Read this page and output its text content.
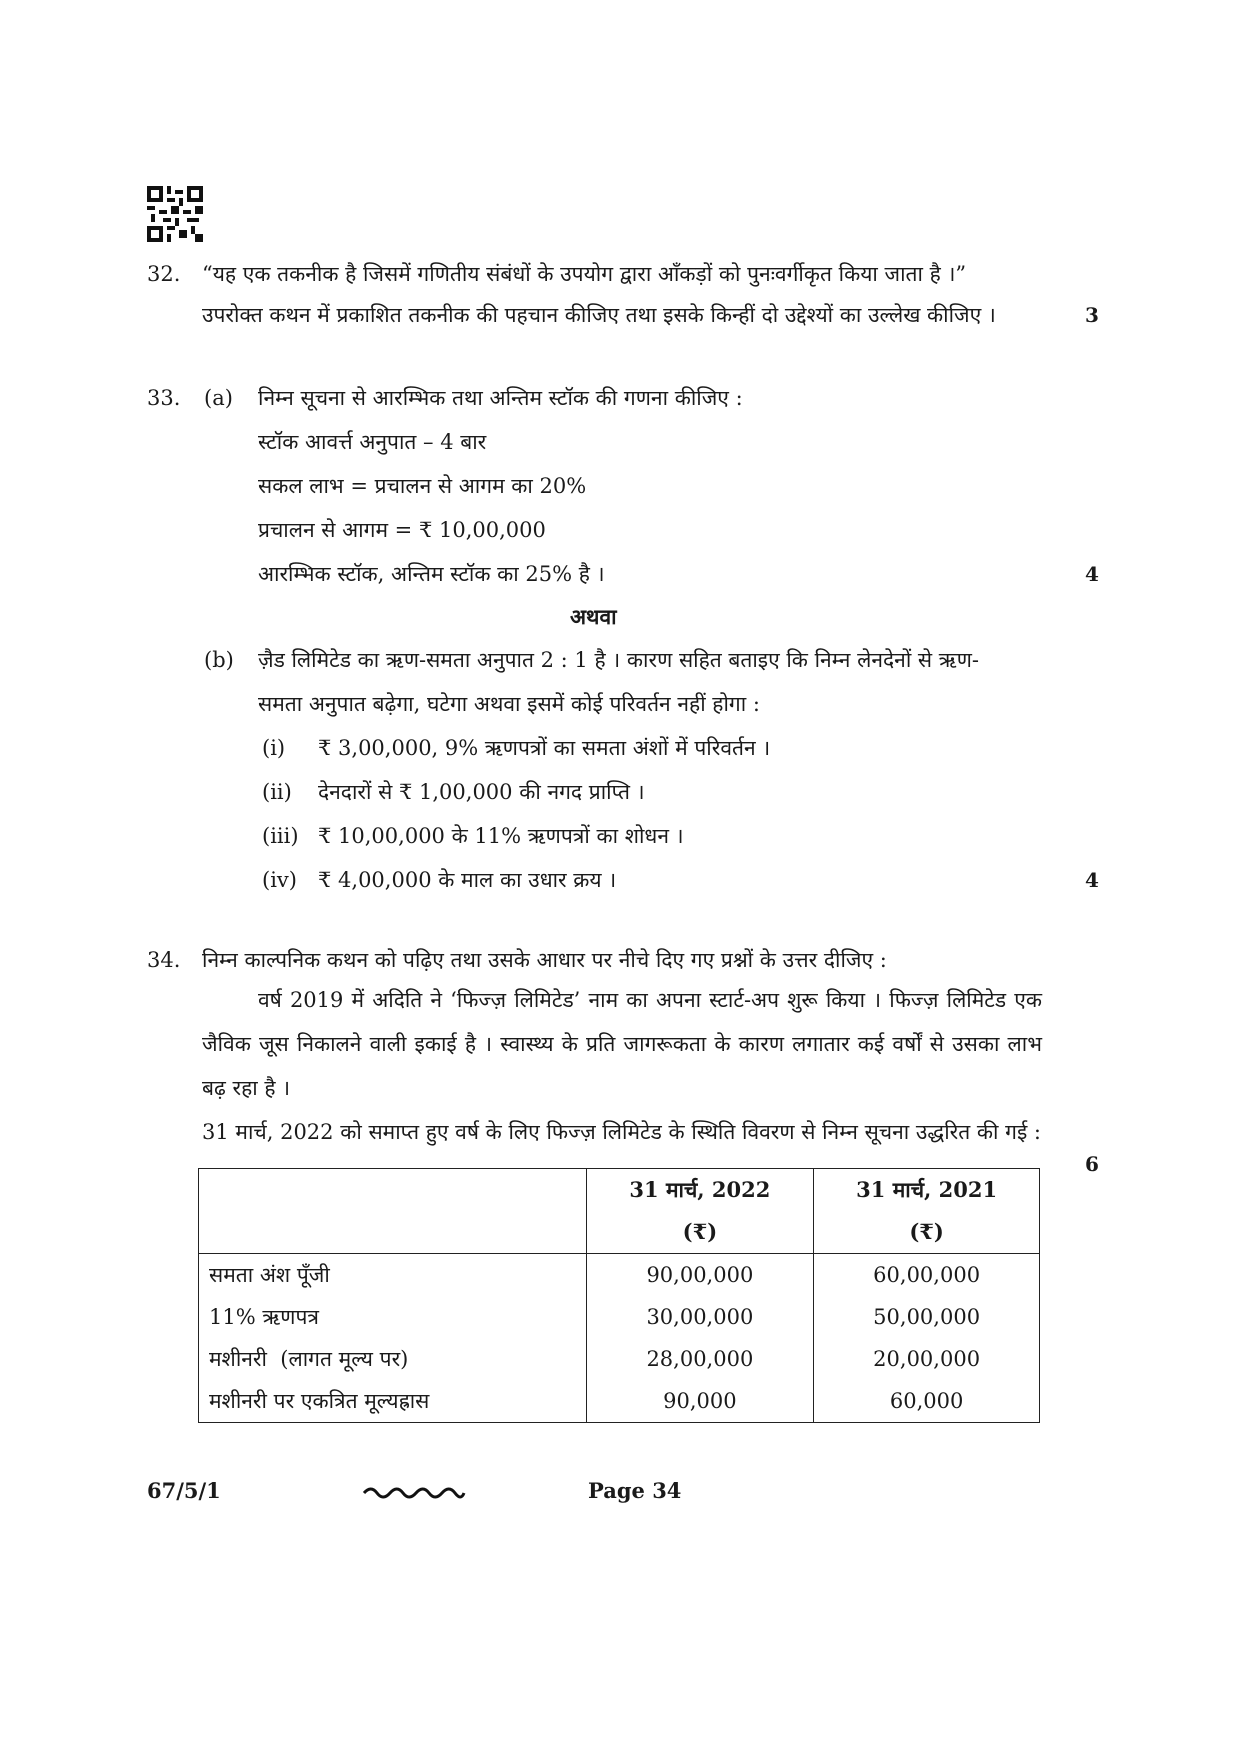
32. “यह एक तकनीक है जिसमें गणितीय संबंधों के उपयोग द्वारा आँकड़ों को पुनःवर्गीकृत किया जाता है ।”
उपरोक्त कथन में प्रकाशित तकनीक की पहचान कीजिए तथा इसके किन्हीं दो उद्देश्यों का उल्लेख कीजिए ।	3
33. (a) निम्न सूचना से आरम्भिक तथा अन्तिम स्टॉक की गणना कीजिए :
स्टॉक आवर्त्त अनुपात – 4 बार
सकल लाभ = प्रचालन से आगम का 20%
प्रचालन से आगम = ₹ 10,00,000
आरम्भिक स्टॉक, अन्तिम स्टॉक का 25% है ।	4
अथवा
(b) ज़ैड लिमिटेड का ऋण-समता अनुपात 2 : 1 है । कारण सहित बताइए कि निम्न लेनदेनों से ऋण-
समता अनुपात बढ़ेगा, घटेगा अथवा इसमें कोई परिवर्तन नहीं होगा :
(i) ₹ 3,00,000, 9% ऋणपत्रों का समता अंशों में परिवर्तन ।
(ii) देनदारों से ₹ 1,00,000 की नगद प्राप्ति ।
(iii) ₹ 10,00,000 के 11% ऋणपत्रों का शोधन ।
(iv) ₹ 4,00,000 के माल का उधार क्रय ।	4
34. निम्न काल्पनिक कथन को पढ़िए तथा उसके आधार पर नीचे दिए गए प्रश्नों के उत्तर दीजिए :
वर्ष 2019 में अदिति ने ‘फिज्ज़ लिमिटेड’ नाम का अपना स्टार्ट-अप शुरू किया । फिज्ज़ लिमिटेड एक जैविक जूस निकालने वाली इकाई है । स्वास्थ्य के प्रति जागरूकता के कारण लगातार कई वर्षों से उसका लाभ बढ़ रहा है ।
31 मार्च, 2022 को समाप्त हुए वर्ष के लिए फिज्ज़ लिमिटेड के स्थिति विवरण से निम्न सूचना उद्धरित की गई :
6
	31 मार्च, 2022	31 मार्च, 2021
	(₹)	(₹)
समता अंश पूँजी	90,00,000	60,00,000
11% ऋणपत्र	30,00,000	50,00,000
मशीनरी  (लागत मूल्य पर)	28,00,000	20,00,000
मशीनरी पर एकत्रित मूल्यह्रास	90,000	60,000
67/5/1	Page 34
